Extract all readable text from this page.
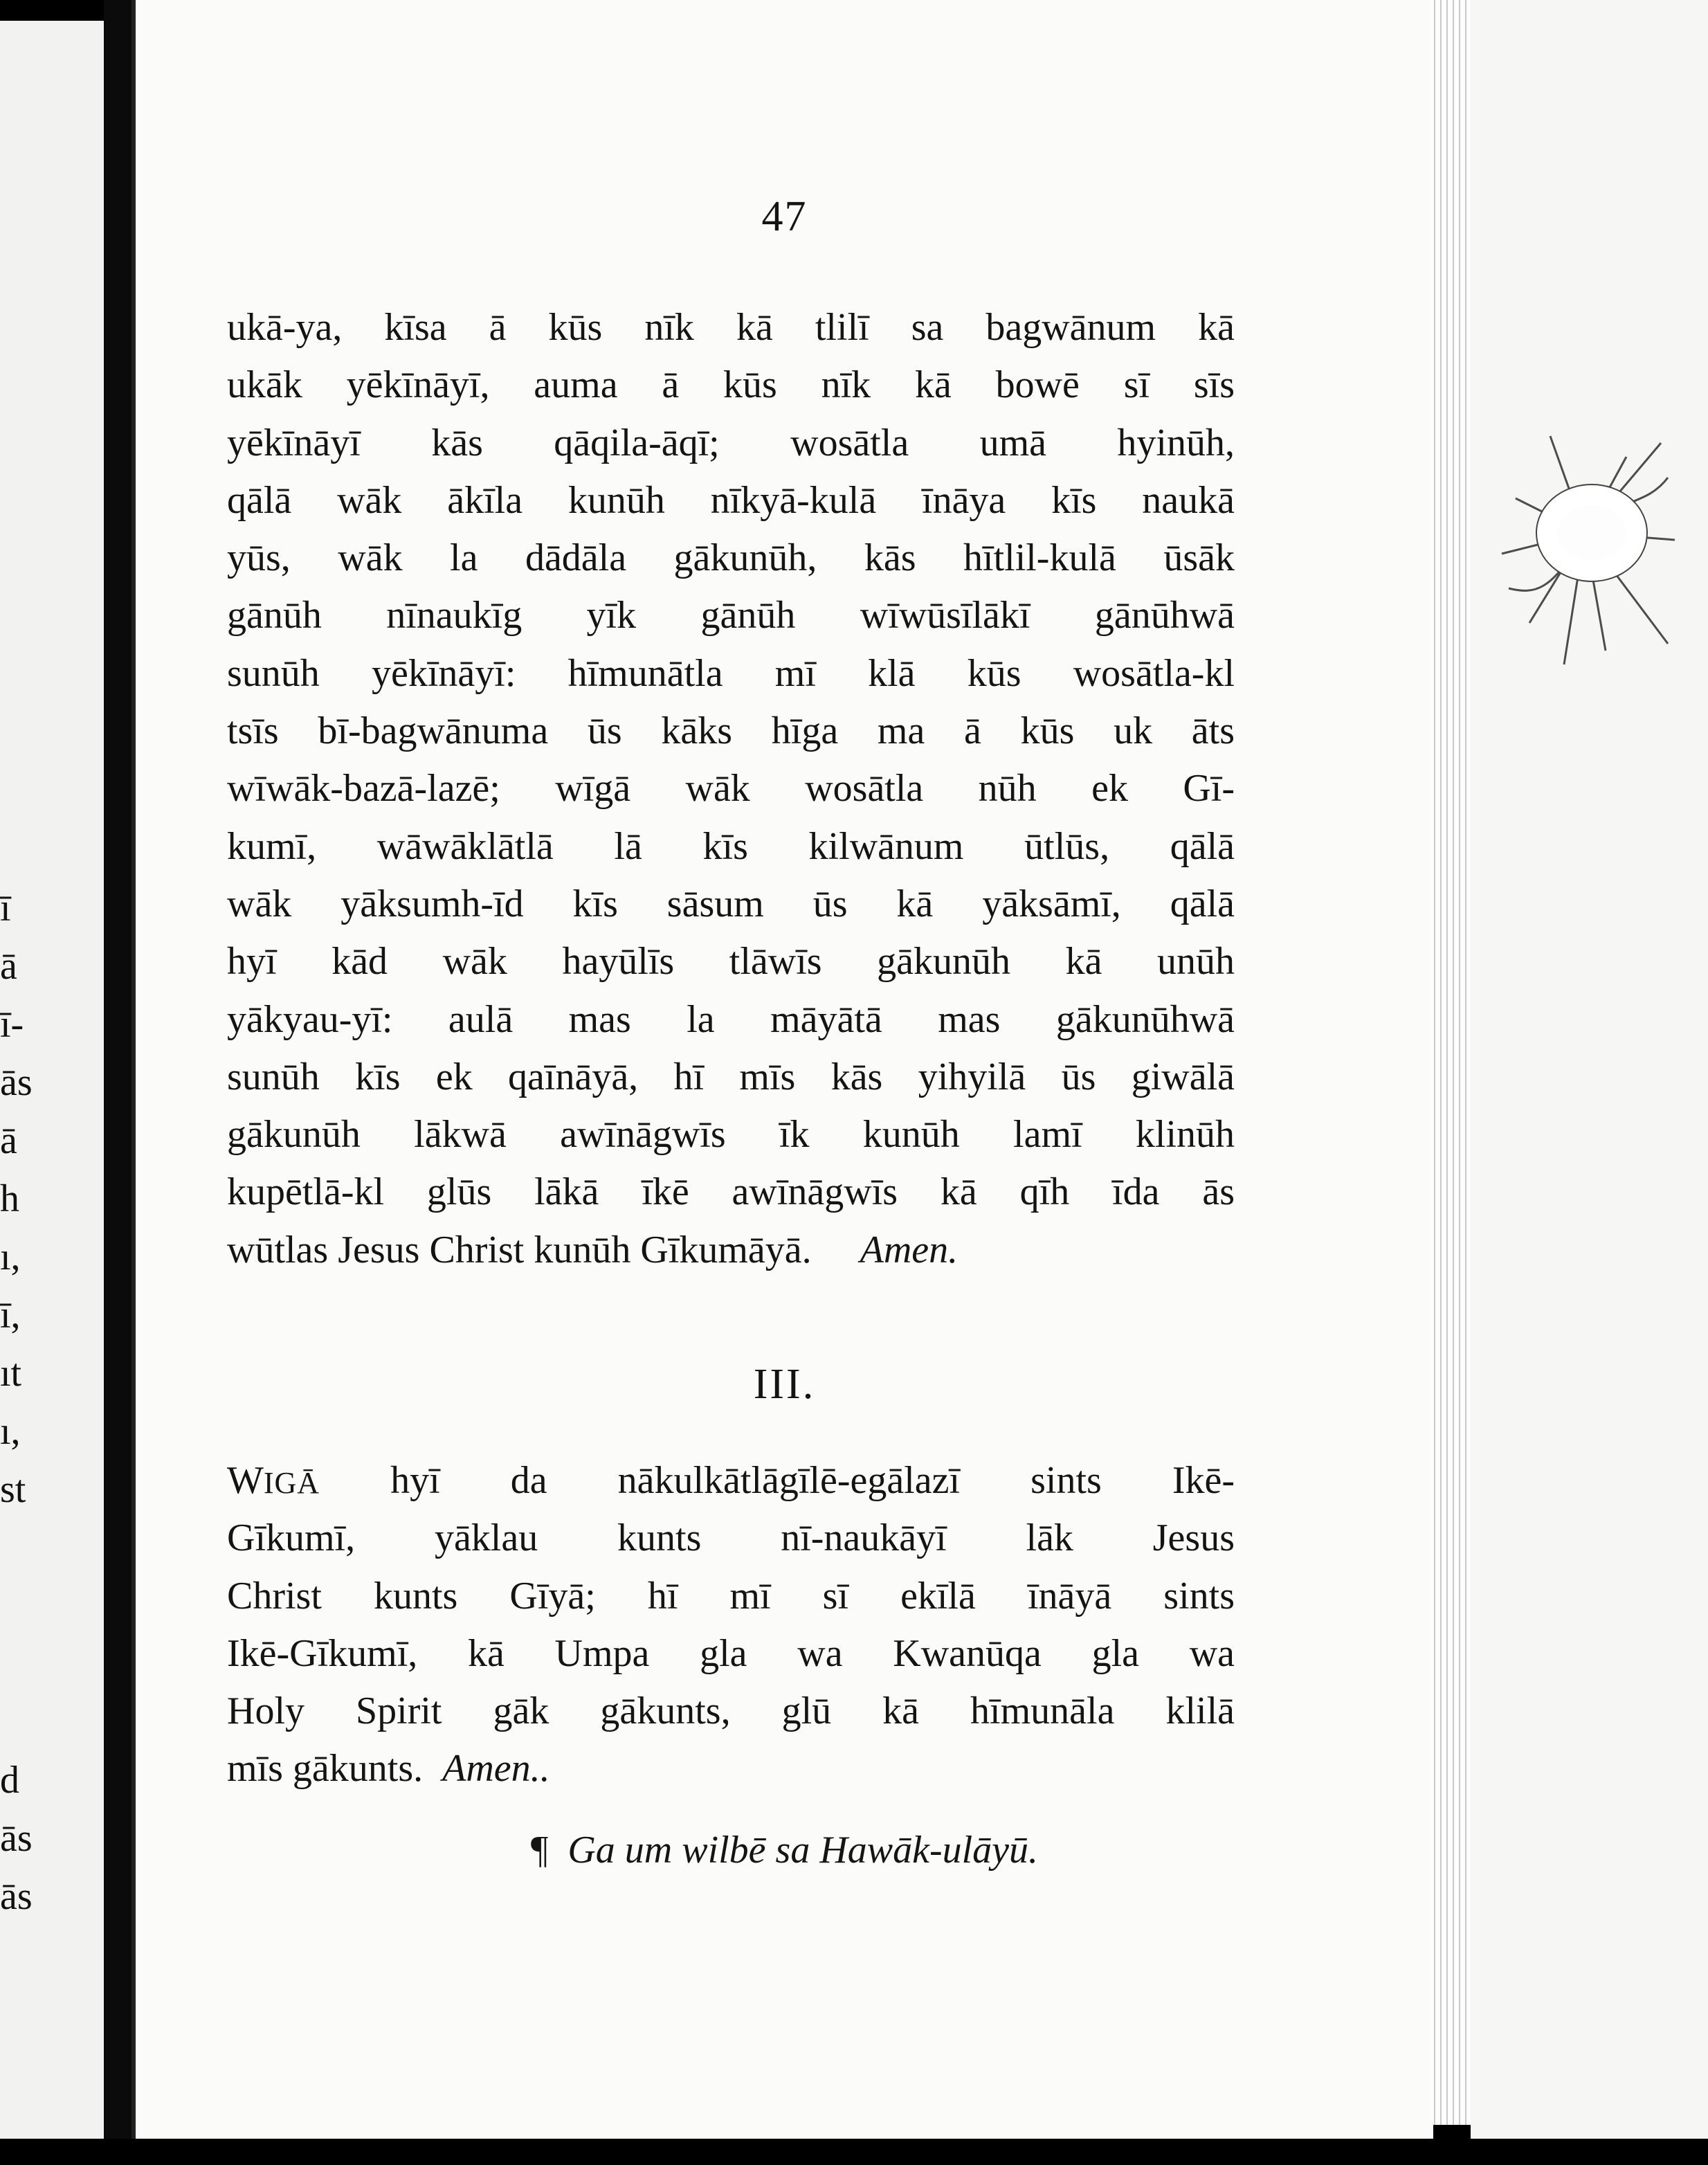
ī
ā
ī-
ās
ā
h
ı,
ī,
ıt
ı,
st
d
ās
ās
47
ukā-ya, kīsa ā kūs nīk kā tlilī sa bagwānum kā
ukāk yēkīnāyī, auma ā kūs nīk kā bowē sī sīs
yēkīnāyī kās qāqila-āqī; wosātla umā hyinūh,
qālā wāk ākīla kunūh nīkyā-kulā īnāya kīs naukā
yūs, wāk la dādāla gākunūh, kās hītlil-kulā ūsāk
gānūh nīnaukīg yīk gānūh wīwūsīlākī gānūhwā
sunūh yēkīnāyī: hīmunātla mī klā kūs wosātla-kl
tsīs bī-bagwānuma ūs kāks hīga ma ā kūs uk āts
wīwāk-bazā-lazē; wīgā wāk wosātla nūh ek Gī-
kumī, wāwāklātlā lā kīs kilwānum ūtlūs, qālā
wāk yāksumh-īd kīs sāsum ūs kā yāksāmī, qālā
hyī kād wāk hayūlīs tlāwīs gākunūh kā unūh
yākyau-yī: aulā mas la māyātā mas gākunūhwā
sunūh kīs ek qaīnāyā, hī mīs kās yihyilā ūs giwālā
gākunūh lākwā awīnāgwīs īk kunūh lamī klinūh
kupētlā-kl glūs lākā īkē awīnāgwīs kā qīh īda ās
wūtlas Jesus Christ kunūh Gīkumāyā. Amen.
III.
WIGĀ hyī da nākulkātlāgīlē-egālazī sints Ikē-
Gīkumī, yāklau kunts nī-naukāyī lāk Jesus
Christ kunts Gīyā; hī mī sī ekīlā īnāyā sints
Ikē-Gīkumī, kā Umpa gla wa Kwanūqa gla wa
Holy Spirit gāk gākunts, glū kā hīmunāla klilā
mīs gākunts. Amen..
¶ Ga um wilbē sa Hawāk-ulāyū.
